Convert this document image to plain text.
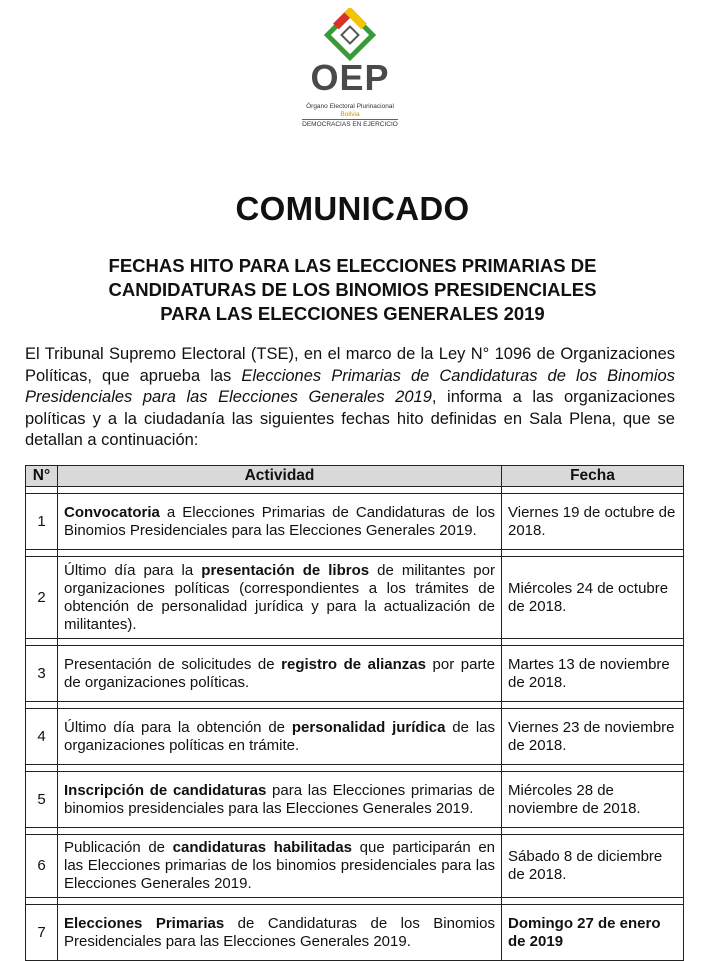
OEP
Órgano Electoral Plurinacional
Bolivia
DEMOCRACIAS EN EJERCICIO
COMUNICADO
FECHAS HITO PARA LAS ELECCIONES PRIMARIAS DE
CANDIDATURAS DE LOS BINOMIOS PRESIDENCIALES
PARA LAS ELECCIONES GENERALES 2019

El Tribunal Supremo Electoral (TSE), en el marco de la Ley N° 1096 de Organizaciones Políticas, que aprueba las Elecciones Primarias de Candidaturas de los Binomios Presidenciales para las Elecciones Generales 2019, informa a las organizaciones políticas y a la ciudadanía las siguientes fechas hito definidas en Sala Plena, que se detallan a continuación:

N°	Actividad	Fecha

1	Convocatoria a Elecciones Primarias de Candidaturas de los Binomios Presidenciales para las Elecciones Generales 2019.	Viernes 19 de octubre de 2018.

2	Último día para la presentación de libros de militantes por organizaciones políticas (correspondientes a los trámites de obtención de personalidad jurídica y para la actualización de militantes).	Miércoles 24 de octubre de 2018.

3	Presentación de solicitudes de registro de alianzas por parte de organizaciones políticas.	Martes 13 de noviembre de 2018.

4	Último día para la obtención de personalidad jurídica de las organizaciones políticas en trámite.	Viernes 23 de noviembre de 2018.

5	Inscripción de candidaturas para las Elecciones primarias de binomios presidenciales para las Elecciones Generales 2019.	Miércoles 28 de noviembre de 2018.

6	Publicación de candidaturas habilitadas que participarán en las Elecciones primarias de los binomios presidenciales para las Elecciones Generales 2019.	Sábado 8 de diciembre de 2018.

7	Elecciones Primarias de Candidaturas de los Binomios Presidenciales para las Elecciones Generales 2019.	Domingo 27 de enero de 2019
